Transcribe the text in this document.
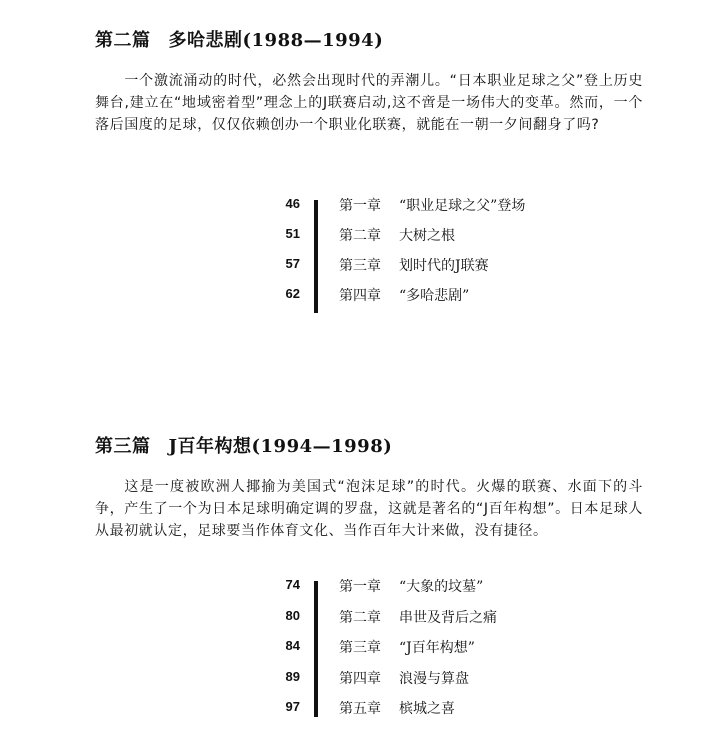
第二篇 多哈悲剧(1988—1994)

一个激流涌动的时代，必然会出现时代的弄潮儿。“日本职业足球之父”登上历史舞台,建立在“地域密着型”理念上的J联赛启动,这不啻是一场伟大的变革。然而，一个落后国度的足球，仅仅依赖创办一个职业化联赛，就能在一朝一夕间翻身了吗?

46	第一章 “职业足球之父”登场
51	第二章 大树之根
57	第三章 划时代的J联赛
62	第四章 “多哈悲剧”
第三篇 J百年构想(1994—1998)

这是一度被欧洲人揶揄为美国式“泡沫足球”的时代。火爆的联赛、水面下的斗争，产生了一个为日本足球明确定调的罗盘，这就是著名的“J百年构想”。日本足球人从最初就认定，足球要当作体育文化、当作百年大计来做，没有捷径。

74	第一章 “大象的坟墓”
80	第二章 串世及背后之痛
84	第三章 “J百年构想”
89	第四章 浪漫与算盘
97	第五章 槟城之喜
